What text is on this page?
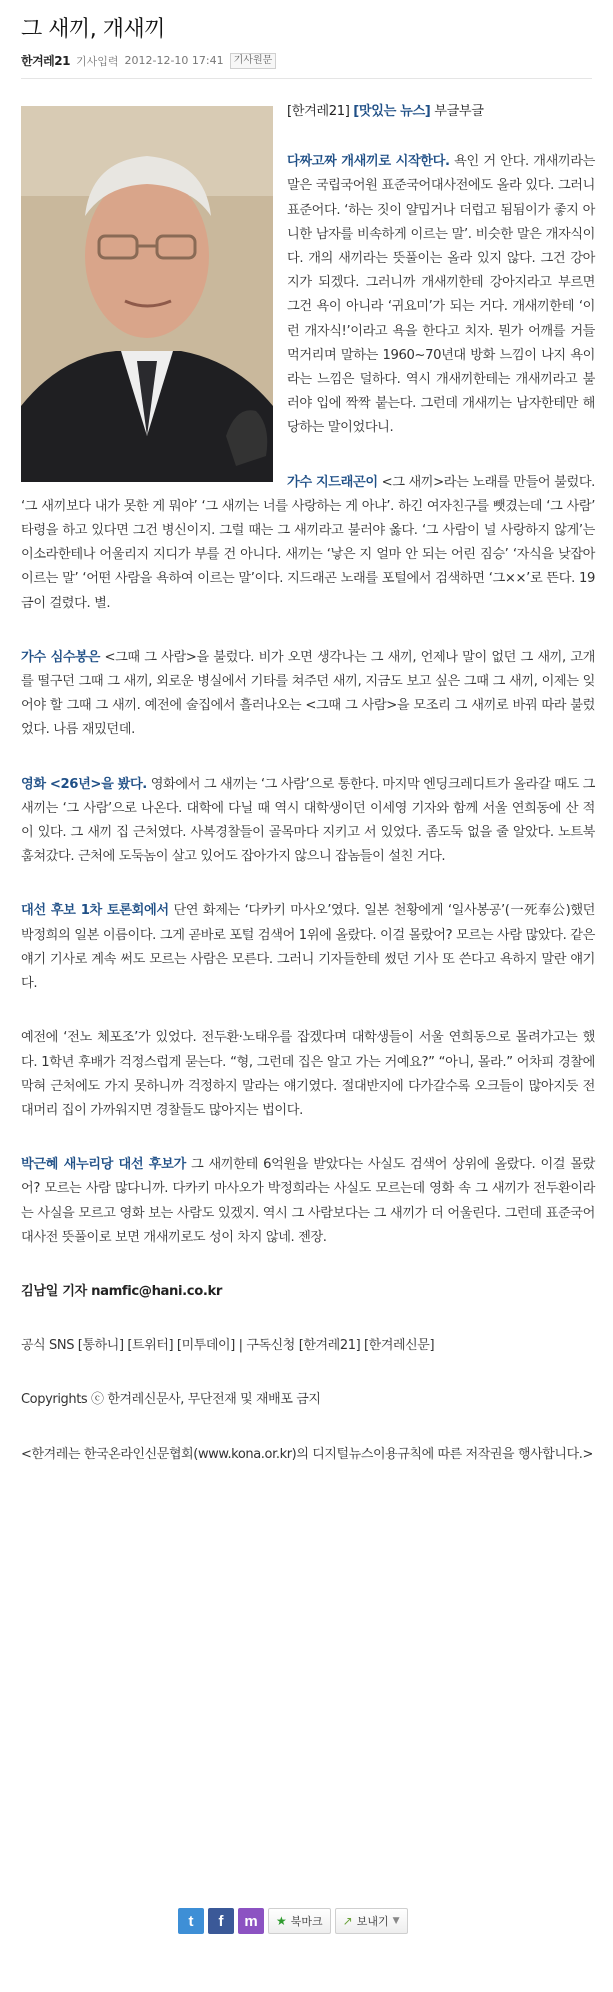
그 새끼, 개새끼
한겨레21 기사입력 2012-12-10 17:41	기사원문

[한겨레21] [맛있는 뉴스] 부글부글

다짜고짜 개새끼로 시작한다. 욕인 거 안다. 개새끼라는 말은 국립국어원 표준국어대사전에도 올라 있다. 그러니 표준어다. ‘하는 짓이 얄밉거나 더럽고 됨됨이가 좋지 아니한 남자를 비속하게 이르는 말’. 비슷한 말은 개자식이다. 개의 새끼라는 뜻풀이는 올라 있지 않다. 그건 강아지가 되겠다. 그러니까 개새끼한테 강아지라고 부르면 그건 욕이 아니라 ‘귀요미’가 되는 거다. 개새끼한테 ‘이런 개자식!’이라고 욕을 한다고 치자. 뭔가 어깨를 거들먹거리며 말하는 1960~70년대 방화 느낌이 나지 욕이라는 느낌은 덜하다. 역시 개새끼한테는 개새끼라고 불러야 입에 짝짝 붙는다. 그런데 개새끼는 남자한테만 해당하는 말이었다니.

가수 지드래곤이 <그 새끼>라는 노래를 만들어 불렀다. ‘그 새끼보다 내가 못한 게 뭐야’ ‘그 새끼는 너를 사랑하는 게 아냐’. 하긴 여자친구를 뺏겼는데 ‘그 사람’ 타령을 하고 있다면 그건 병신이지. 그럴 때는 그 새끼라고 불러야 옳다. ‘그 사람이 널 사랑하지 않게’는 이소라한테나 어울리지 지디가 부를 건 아니다. 새끼는 ‘낳은 지 얼마 안 되는 어린 짐승’ ‘자식을 낮잡아 이르는 말’ ‘어떤 사람을 욕하여 이르는 말’이다. 지드래곤 노래를 포털에서 검색하면 ‘그××’로 뜬다. 19금이 걸렸다. 별.

가수 심수봉은 <그때 그 사람>을 불렀다. 비가 오면 생각나는 그 새끼, 언제나 말이 없던 그 새끼, 고개를 떨구던 그때 그 새끼, 외로운 병실에서 기타를 쳐주던 새끼, 지금도 보고 싶은 그때 그 새끼, 이제는 잊어야 할 그때 그 새끼. 예전에 술집에서 흘러나오는 <그때 그 사람>을 모조리 그 새끼로 바꿔 따라 불렀었다. 나름 재밌던데.

영화 <26년>을 봤다. 영화에서 그 새끼는 ‘그 사람’으로 통한다. 마지막 엔딩크레디트가 올라갈 때도 그 새끼는 ‘그 사람’으로 나온다. 대학에 다닐 때 역시 대학생이던 이세영 기자와 함께 서울 연희동에 산 적이 있다. 그 새끼 집 근처였다. 사복경찰들이 골목마다 지키고 서 있었다. 좀도둑 없을 줄 알았다. 노트북 훔쳐갔다. 근처에 도둑놈이 살고 있어도 잡아가지 않으니 잡놈들이 설친 거다.

대선 후보 1차 토론회에서 단연 화제는 ‘다카키 마사오’였다. 일본 천황에게 ‘일사봉공’(一死奉公)했던 박정희의 일본 이름이다. 그게 곧바로 포털 검색어 1위에 올랐다. 이걸 몰랐어? 모르는 사람 많았다. 같은 얘기 기사로 계속 써도 모르는 사람은 모른다. 그러니 기자들한테 썼던 기사 또 쓴다고 욕하지 말란 얘기다.

예전에 ‘전노 체포조’가 있었다. 전두환·노태우를 잡겠다며 대학생들이 서울 연희동으로 몰려가고는 했다. 1학년 후배가 걱정스럽게 묻는다. “형, 그런데 집은 알고 가는 거예요?” “아니, 몰라.” 어차피 경찰에 막혀 근처에도 가지 못하니까 걱정하지 말라는 얘기였다. 절대반지에 다가갈수록 오크들이 많아지듯 전대머리 집이 가까워지면 경찰들도 많아지는 법이다.

박근혜 새누리당 대선 후보가 그 새끼한테 6억원을 받았다는 사실도 검색어 상위에 올랐다. 이걸 몰랐어? 모르는 사람 많다니까. 다카키 마사오가 박정희라는 사실도 모르는데 영화 속 그 새끼가 전두환이라는 사실을 모르고 영화 보는 사람도 있겠지. 역시 그 사람보다는 그 새끼가 더 어울린다. 그런데 표준국어대사전 뜻풀이로 보면 개새끼로도 성이 차지 않네. 젠장.

김남일 기자 namfic@hani.co.kr

공식 SNS [통하니] [트위터] [미투데이] | 구독신청 [한겨레21] [한겨레신문]

Copyrights ⓒ 한겨레신문사, 무단전재 및 재배포 금지

<한겨레는 한국온라인신문협회(www.kona.or.kr)의 디지털뉴스이용규칙에 따른 저작권을 행사합니다.>

t	f	m	★ 북마크 ↗ 보내기 ▼
